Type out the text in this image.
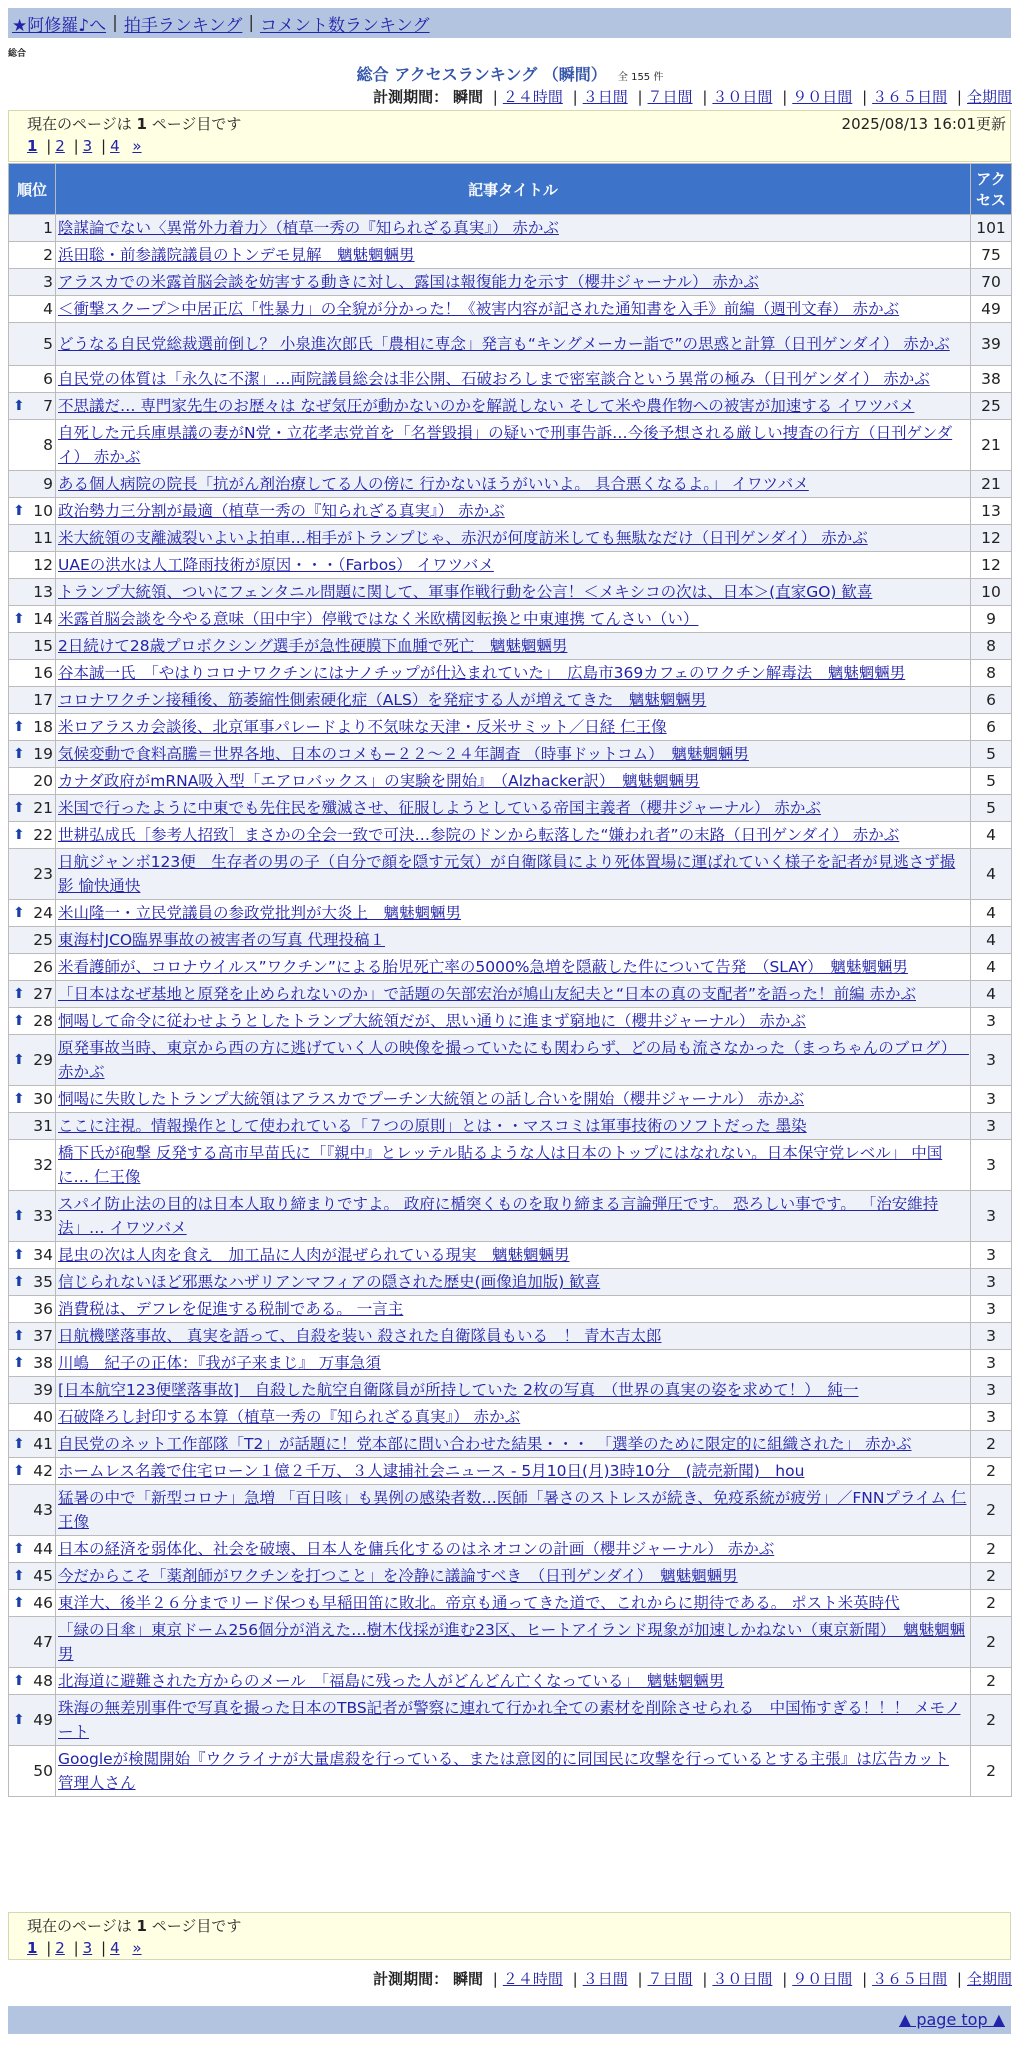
★阿修羅♪へ | 拍手ランキング | コメント数ランキング
総合
総合 アクセスランキング （瞬間） 全 155 件
計測期間： 瞬間 | ２４時間 | ３日間 | ７日間 | ３０日間 | ９０日間 | ３６５日間 | 全期間
現在のページは 1 ページ目です	2025/08/13 16:01更新
1 | 2 | 3 | 4 »
順位	記事タイトル	アクセス
1	陰謀論でない〈異常外力着力〉（植草一秀の『知られざる真実』） 赤かぶ	101
2	浜田聡・前参議院議員のトンデモ見解　魑魅魍魎男	75
3	アラスカでの米露首脳会談を妨害する動きに対し、露国は報復能力を示す（櫻井ジャーナル） 赤かぶ	70
4	＜衝撃スクープ＞中居正広「性暴力」の全貌が分かった！《被害内容が記された通知書を入手》前編（週刊文春） 赤かぶ	49
5	どうなる自民党総裁選前倒し？ 小泉進次郎氏「農相に専念」発言も“キングメーカー詣で”の思惑と計算（日刊ゲンダイ） 赤かぶ	39
6	自民党の体質は「永久に不潔」…両院議員総会は非公開、石破おろしまで密室談合という異常の極み（日刊ゲンダイ） 赤かぶ	38

⬆ 7	不思議だ… 専門家先生のお歴々は なぜ気圧が動かないのかを解説しない そして米や農作物への被害が加速する イワツバメ	25
8	自死した元兵庫県議の妻がN党・立花孝志党首を「名誉毀損」の疑いで刑事告訴…今後予想される厳しい捜査の行方（日刊ゲンダイ） 赤かぶ	21
9	ある個人病院の院長「抗がん剤治療してる人の傍に 行かないほうがいいよ。 具合悪くなるよ。」 イワツバメ	21

⬆ 10	政治勢力三分割が最適（植草一秀の『知られざる真実』） 赤かぶ	13
11	米大統領の支離滅裂いよいよ拍車…相手がトランプじゃ、赤沢が何度訪米しても無駄なだけ（日刊ゲンダイ） 赤かぶ	12
12	UAEの洪水は人工降雨技術が原因・・・（Farbos） イワツバメ	12
13	トランプ大統領、ついにフェンタニル問題に関して、軍事作戦行動を公言！＜メキシコの次は、日本＞(直家GO) 歓喜	10

⬆ 14	米露首脳会談を今やる意味（田中宇）停戦ではなく米欧構図転換と中東連携 てんさい（い）	9
15	2日続けて28歳プロボクシング選手が急性硬膜下血腫で死亡　魑魅魍魎男	8
16	谷本誠一氏　「やはりコロナワクチンにはナノチップが仕込まれていた」　広島市369カフェのワクチン解毒法　魑魅魍魎男	8
17	コロナワクチン接種後、筋萎縮性側索硬化症（ALS）を発症する人が増えてきた　魑魅魍魎男	6

⬆ 18	米ロアラスカ会談後、北京軍事パレードより不気味な天津・反米サミット／日経 仁王像	6

⬆ 19	気候変動で食料高騰＝世界各地、日本のコメも−２２〜２４年調査 （時事ドットコム）　魑魅魍魎男	5
20	カナダ政府がmRNA吸入型「エアロバックス」の実験を開始』　（Alzhacker訳）　魑魅魍魎男	5

⬆ 21	米国で行ったように中東でも先住民を殲滅させ、征服しようとしている帝国主義者（櫻井ジャーナル） 赤かぶ	5

⬆ 22	世耕弘成氏［参考人招致］まさかの全会一致で可決…参院のドンから転落した“嫌われ者”の末路（日刊ゲンダイ） 赤かぶ	4
23	日航ジャンボ123便　生存者の男の子（自分で顔を隠す元気）が自衛隊員により死体置場に運ばれていく様子を記者が見逃さず撮影 愉快通快	4

⬆ 24	米山隆一・立民党議員の参政党批判が大炎上　魑魅魍魎男	4
25	東海村JCO臨界事故の被害者の写真 代理投稿１	4
26	米看護師が、コロナウイルス”ワクチン”による胎児死亡率の5000%急増を隠蔽した件について告発　（SLAY）　魑魅魍魎男	4

⬆ 27	「日本はなぜ基地と原発を止められないのか」で話題の矢部宏治が鳩山友紀夫と“日本の真の支配者”を語った！前編 赤かぶ	4

⬆ 28	恫喝して命令に従わせようとしたトランプ大統領だが、思い通りに進まず窮地に（櫻井ジャーナル） 赤かぶ	3

⬆ 29	原発事故当時、東京から西の方に逃げていく人の映像を撮っていたにも関わらず、どの局も流さなかった（まっちゃんのブログ）　 赤かぶ	3

⬆ 30	恫喝に失敗したトランプ大統領はアラスカでプーチン大統領との話し合いを開始（櫻井ジャーナル） 赤かぶ	3
31	ここに注視。情報操作として使われている「７つの原則」とは・・マスコミは軍事技術のソフトだった 墨染	3
32	橋下氏が砲撃 反発する高市早苗氏に「『親中』とレッテル貼るような人は日本のトップにはなれない。日本保守党レベル」 中国に… 仁王像	3

⬆ 33	スパイ防止法の目的は日本人取り締まりですよ。 政府に楯突くものを取り締まる言論弾圧です。 恐ろしい事です。 「治安維持法」… イワツバメ	3

⬆ 34	昆虫の次は人肉を食え　加工品に人肉が混ぜられている現実　魑魅魍魎男	3

⬆ 35	信じられないほど邪悪なハザリアンマフィアの隠された歴史(画像追加版) 歓喜	3
36	消費税は、デフレを促進する税制である。 一言主	3

⬆ 37	日航機墜落事故、 真実を語って、自殺を装い 殺された自衛隊員もいる　！ 青木吉太郎	3

⬆ 38	川嶋　紀子の正体：『我が子来まじ』 万事急須	3
39	[日本航空123便墜落事故]　自殺した航空自衛隊員が所持していた 2枚の写真　（世界の真実の姿を求めて！）　純一	3
40	石破降ろし封印する本算（植草一秀の『知られざる真実』） 赤かぶ	3

⬆ 41	自民党のネット工作部隊「T2」が話題に！党本部に問い合わせた結果・・・　「選挙のために限定的に組織された」 赤かぶ	2

⬆ 42	ホームレス名義で住宅ローン１億２千万、３人逮捕社会ニュース - 5月10日(月)3時10分　(読売新聞)　hou	2
43	猛暑の中で「新型コロナ」急増 「百日咳」も異例の感染者数…医師「暑さのストレスが続き、免疫系統が疲労」／FNNプライム 仁王像	2

⬆ 44	日本の経済を弱体化、社会を破壊、日本人を傭兵化するのはネオコンの計画（櫻井ジャーナル） 赤かぶ	2

⬆ 45	今だからこそ「薬剤師がワクチンを打つこと」を冷静に議論すべき　（日刊ゲンダイ）　魑魅魍魎男	2

⬆ 46	東洋大、後半２６分までリード保つも早稲田笛に敗北。帝京も通ってきた道で、これからに期待である。 ポスト米英時代	2
47	「緑の日傘」東京ドーム256個分が消えた…樹木伐採が進む23区、ヒートアイランド現象が加速しかねない（東京新聞）　魑魅魍魎男	2

⬆ 48	北海道に避難された方からのメール　「福島に残った人がどんどん亡くなっている」　魑魅魍魎男	2

⬆ 49	珠海の無差別事件で写真を撮った日本のTBS記者が警察に連れて行かれ全ての素材を削除させられる　中国怖すぎる！！！ メモノート	2
50	Googleが検閲開始『ウクライナが大量虐殺を行っている、または意図的に同国民に攻撃を行っているとする主張』は広告カット 管理人さん	2
現在のページは 1 ページ目です
1 | 2 | 3 | 4 »
計測期間： 瞬間 | ２４時間 | ３日間 | ７日間 | ３０日間 | ９０日間 | ３６５日間 | 全期間
▲ page top ▲
